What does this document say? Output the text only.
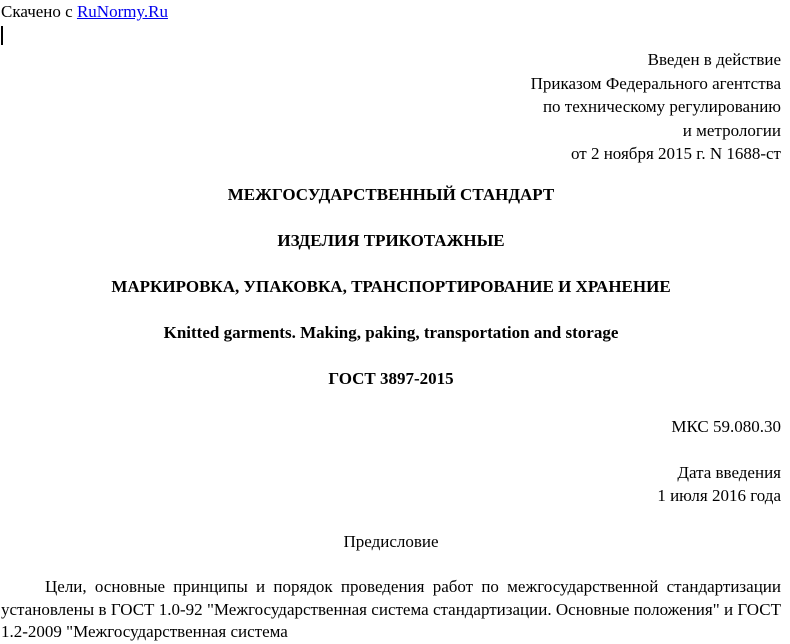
Скачено с RuNormy.Ru
Введен в действие
Приказом Федерального агентства
по техническому регулированию
и метрологии
от 2 ноября 2015 г. N 1688-ст
МЕЖГОСУДАРСТВЕННЫЙ СТАНДАРТ
ИЗДЕЛИЯ ТРИКОТАЖНЫЕ
МАРКИРОВКА, УПАКОВКА, ТРАНСПОРТИРОВАНИЕ И ХРАНЕНИЕ
Knitted garments. Making, paking, transportation and storage
ГОСТ 3897-2015
МКС 59.080.30
Дата введения
1 июля 2016 года
Предисловие
Цели, основные принципы и порядок проведения работ по межгосударственной стандартизации установлены в ГОСТ 1.0-92 "Межгосударственная система стандартизации. Основные положения" и ГОСТ 1.2-2009 "Межгосударственная система
